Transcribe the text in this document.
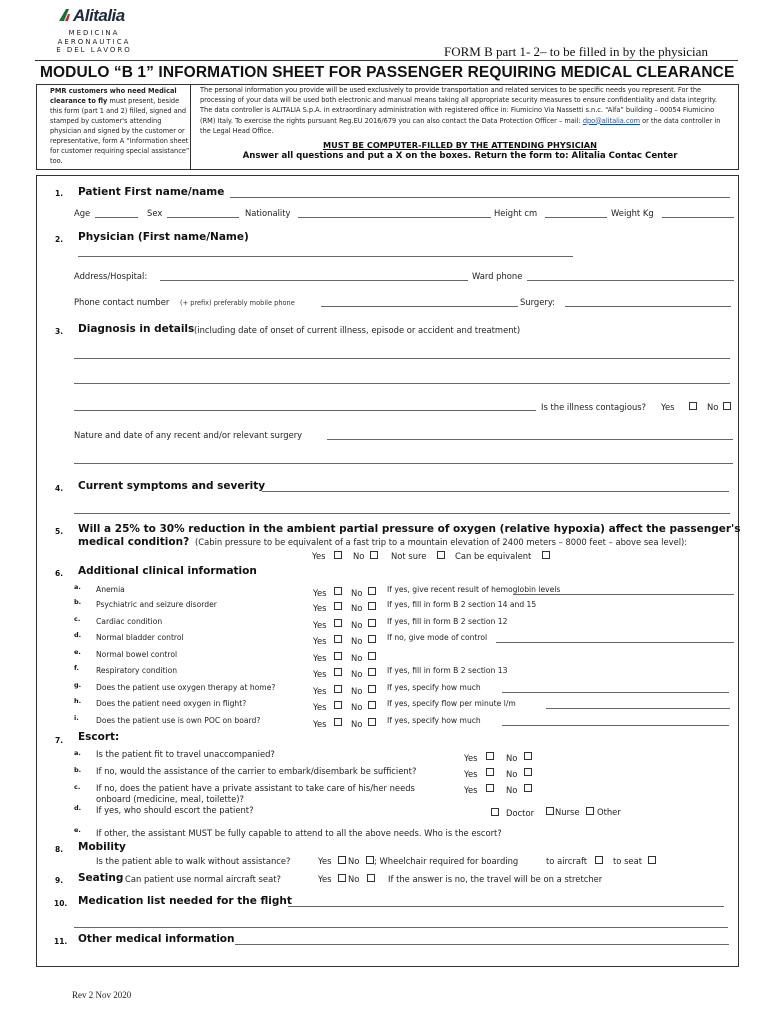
Alitalia
MEDICINA
AERONAUTICA
E DEL LAVORO	FORM B part 1- 2– to be filled in by the physician
MODULO “B 1” INFORMATION SHEET FOR PASSENGER REQUIRING MEDICAL CLEARANCE
PMR customers who need Medical clearance to fly must present, beside this form (part 1 and 2) filled, signed and stamped by customer's attending physician and signed by the customer or representative, form A “Information sheet for customer requiring special assistance” too.
The personal information you provide will be used exclusively to provide transportation and related services to be specific needs you represent. For the processing of your data will be used both electronic and manual means taking all appropriate security measures to ensure confidentiality and data integrity. The data controller is ALITALIA S.p.A. in extraordinary administration with registered office in: Fiumicino Via Nassetti s.n.c. “Alfa” building – 00054 Fiumicino (RM) Italy. To exercise the rights pursuant Reg.EU 2016/679 you can also contact the Data Protection Officer – mail: dpo@alitalia.com or the data controller in the Legal Head Office.
MUST BE COMPUTER-FILLED BY THE ATTENDING PHYSICIAN
Answer all questions and put a X on the boxes. Return the form to: Alitalia Contac Center
1. Patient First name/name
Age	Sex	Nationality	Height cm	Weight Kg
2. Physician (First name/Name)
Address/Hospital:	Ward phone
Phone contact number (+ prefix) preferably mobile phone	Surgery:
3. Diagnosis in details (including date of onset of current illness, episode or accident and treatment)
Is the illness contagious? Yes	No
Nature and date of any recent and/or relevant surgery
4. Current symptoms and severity
5. Will a 25% to 30% reduction in the ambient partial pressure of oxygen (relative hypoxia) affect the passenger's
medical condition? (Cabin pressure to be equivalent of a fast trip to a mountain elevation of 2400 meters – 8000 feet – above sea level):
Yes	No	Not sure	Can be equivalent
6. Additional clinical information
a. Anemia	Yes	No	If yes, give recent result of hemoglobin levels
b. Psychiatric and seizure disorder	Yes	No	If yes, fill in form B 2 section 14 and 15
c. Cardiac condition	Yes	No	If yes, fill in form B 2 section 12
d. Normal bladder control	Yes	No	If no, give mode of control
e. Normal bowel control	Yes	No
f. Respiratory condition	Yes	No	If yes, fill in form B 2 section 13
g. Does the patient use oxygen therapy at home?	Yes	No	If yes, specify how much
h. Does the patient need oxygen in flight?	Yes	No	If yes, specify flow per minute l/m
i. Does the patient use is own POC on board?	Yes	No	If yes, specify how much
7. Escort:
a. Is the patient fit to travel unaccompanied?	Yes	No
b. If no, would the assistance of the carrier to embark/disembark be sufficient?	Yes	No
c. If no, does the patient have a private assistant to take care of his/her needs
onboard (medicine, meal, toilette)?
Yes	No
d. If yes, who should escort the patient?	Doctor Nurse Other
e. If other, the assistant MUST be fully capable to attend to all the above needs. Who is the escort?
8. Mobility
Is the patient able to walk without assistance?	Yes No ; Wheelchair required for boarding	to aircraft	to seat
9. Seating Can patient use normal aircraft seat?	Yes No	If the answer is no, the travel will be on a stretcher
10. Medication list needed for the flight
11. Other medical information
Rev 2 Nov 2020
